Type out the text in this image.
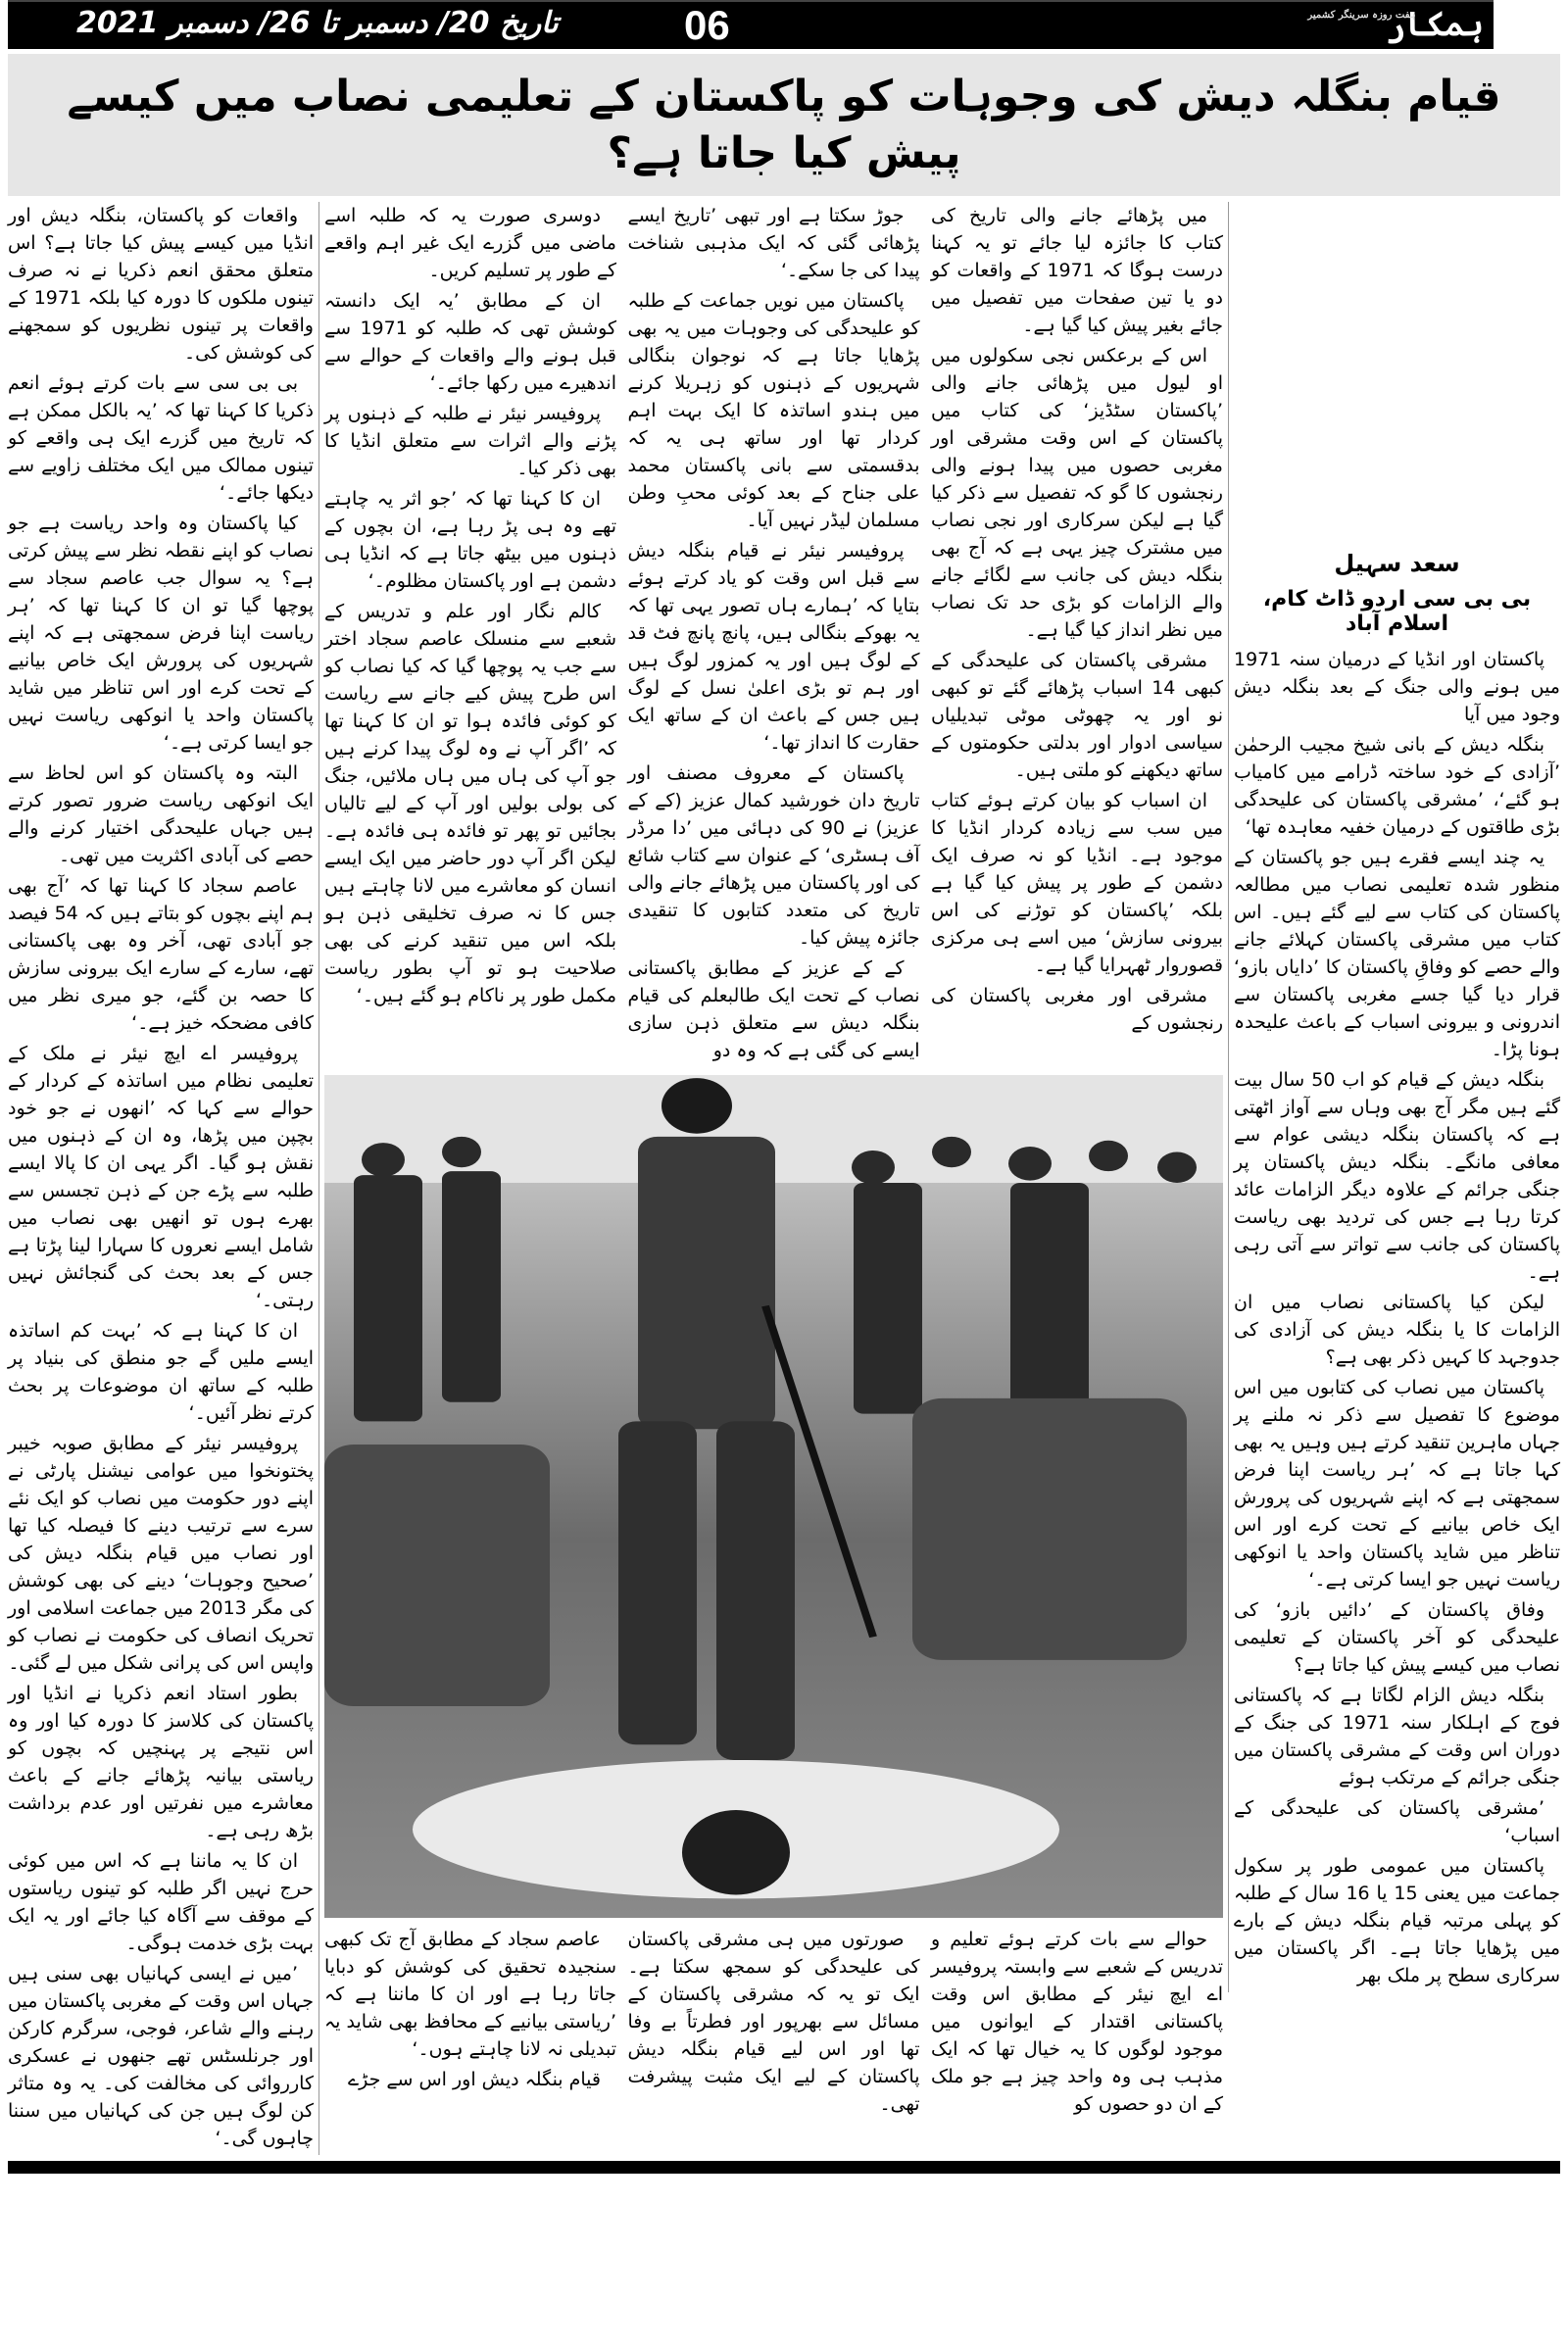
تاریخ 20/ دسمبر تا 26/ دسمبر 2021	06	ہفت روزہ سرینگر کشمیر
ہمکار
قیام بنگلہ دیش کی وجوہات کو پاکستان کے تعلیمی نصاب میں کیسے پیش کیا جاتا ہے؟
سعد سہیل
بی بی سی اردو ڈاٹ کام، اسلام آباد

پاکستان اور انڈیا کے درمیان سنہ 1971 میں ہونے والی جنگ کے بعد بنگلہ دیش وجود میں آیا

بنگلہ دیش کے بانی شیخ مجیب الرحمٰن ’آزادی کے خود ساختہ ڈرامے میں کامیاب ہو گئے‘، ’مشرقی پاکستان کی علیحدگی بڑی طاقتوں کے درمیان خفیہ معاہدہ تھا‘

یہ چند ایسے فقرے ہیں جو پاکستان کے منظور شدہ تعلیمی نصاب میں مطالعہ پاکستان کی کتاب سے لیے گئے ہیں۔ اس کتاب میں مشرقی پاکستان کہلائے جانے والے حصے کو وفاقِ پاکستان کا ’دایاں بازو‘ قرار دیا گیا جسے مغربی پاکستان سے اندرونی و بیرونی اسباب کے باعث علیحدہ ہونا پڑا۔

بنگلہ دیش کے قیام کو اب 50 سال بیت گئے ہیں مگر آج بھی وہاں سے آواز اٹھتی ہے کہ پاکستان بنگلہ دیشی عوام سے معافی مانگے۔ بنگلہ دیش پاکستان پر جنگی جرائم کے علاوہ دیگر الزامات عائد کرتا رہا ہے جس کی تردید بھی ریاست پاکستان کی جانب سے تواتر سے آتی رہی ہے۔

لیکن کیا پاکستانی نصاب میں ان الزامات کا یا بنگلہ دیش کی آزادی کی جدوجہد کا کہیں ذکر بھی ہے؟

پاکستان میں نصاب کی کتابوں میں اس موضوع کا تفصیل سے ذکر نہ ملنے پر جہاں ماہرین تنقید کرتے ہیں وہیں یہ بھی کہا جاتا ہے کہ ’ہر ریاست اپنا فرض سمجھتی ہے کہ اپنے شہریوں کی پرورش ایک خاص بیانیے کے تحت کرے اور اس تناظر میں شاید پاکستان واحد یا انوکھی ریاست نہیں جو ایسا کرتی ہے۔‘

وفاق پاکستان کے ’دائیں بازو‘ کی علیحدگی کو آخر پاکستان کے تعلیمی نصاب میں کیسے پیش کیا جاتا ہے؟

بنگلہ دیش الزام لگاتا ہے کہ پاکستانی فوج کے اہلکار سنہ 1971 کی جنگ کے دوران اس وقت کے مشرقی پاکستان میں جنگی جرائم کے مرتکب ہوئے

’مشرقی پاکستان کی علیحدگی کے اسباب‘

پاکستان میں عمومی طور پر سکول جماعت میں یعنی 15 یا 16 سال کے طلبہ کو پہلی مرتبہ قیام بنگلہ دیش کے بارے میں پڑھایا جاتا ہے۔ اگر پاکستان میں سرکاری سطح پر ملک بھر

میں پڑھائے جانے والی تاریخ کی کتاب کا جائزہ لیا جائے تو یہ کہنا درست ہوگا کہ 1971 کے واقعات کو دو یا تین صفحات میں تفصیل میں جائے بغیر پیش کیا گیا ہے۔

اس کے برعکس نجی سکولوں میں او لیول میں پڑھائی جانے والی ’پاکستان سٹڈیز‘ کی کتاب میں پاکستان کے اس وقت مشرقی اور مغربی حصوں میں پیدا ہونے والی رنجشوں کا گو کہ تفصیل سے ذکر کیا گیا ہے لیکن سرکاری اور نجی نصاب میں مشترک چیز یہی ہے کہ آج بھی بنگلہ دیش کی جانب سے لگائے جانے والے الزامات کو بڑی حد تک نصاب میں نظر انداز کیا گیا ہے۔

مشرقی پاکستان کی علیحدگی کے کبھی 14 اسباب پڑھائے گئے تو کبھی نو اور یہ چھوٹی موٹی تبدیلیاں سیاسی ادوار اور بدلتی حکومتوں کے ساتھ دیکھنے کو ملتی ہیں۔

ان اسباب کو بیان کرتے ہوئے کتاب میں سب سے زیادہ کردار انڈیا کا موجود ہے۔ انڈیا کو نہ صرف ایک دشمن کے طور پر پیش کیا گیا ہے بلکہ ’پاکستان کو توڑنے کی اس بیرونی سازش‘ میں اسے ہی مرکزی قصوروار ٹھہرایا گیا ہے۔

مشرقی اور مغربی پاکستان کی رنجشوں کے

جوڑ سکتا ہے اور تبھی ’تاریخ ایسے پڑھائی گئی کہ ایک مذہبی شناخت پیدا کی جا سکے۔‘

پاکستان میں نویں جماعت کے طلبہ کو علیحدگی کی وجوہات میں یہ بھی پڑھایا جاتا ہے کہ نوجوان بنگالی شہریوں کے ذہنوں کو زہریلا کرنے میں ہندو اساتذہ کا ایک بہت اہم کردار تھا اور ساتھ ہی یہ کہ بدقسمتی سے بانی پاکستان محمد علی جناح کے بعد کوئی محبِ وطن مسلمان لیڈر نہیں آیا۔

پروفیسر نیئر نے قیام بنگلہ دیش سے قبل اس وقت کو یاد کرتے ہوئے بتایا کہ ’ہمارے ہاں تصور یہی تھا کہ یہ بھوکے بنگالی ہیں، پانچ پانچ فٹ قد کے لوگ ہیں اور یہ کمزور لوگ ہیں اور ہم تو بڑی اعلیٰ نسل کے لوگ ہیں جس کے باعث ان کے ساتھ ایک حقارت کا انداز تھا۔‘

پاکستان کے معروف مصنف اور تاریخ دان خورشید کمال عزیز (کے کے عزیز) نے 90 کی دہائی میں ’دا مرڈر آف ہسٹری‘ کے عنوان سے کتاب شائع کی اور پاکستان میں پڑھائے جانے والی تاریخ کی متعدد کتابوں کا تنقیدی جائزہ پیش کیا۔

کے کے عزیز کے مطابق پاکستانی نصاب کے تحت ایک طالبعلم کی قیام بنگلہ دیش سے متعلق ذہن سازی ایسے کی گئی ہے کہ وہ دو

دوسری صورت یہ کہ طلبہ اسے ماضی میں گزرے ایک غیر اہم واقعے کے طور پر تسلیم کریں۔

ان کے مطابق ’یہ ایک دانستہ کوشش تھی کہ طلبہ کو 1971 سے قبل ہونے والے واقعات کے حوالے سے اندھیرے میں رکھا جائے۔‘

پروفیسر نیئر نے طلبہ کے ذہنوں پر پڑنے والے اثرات سے متعلق انڈیا کا بھی ذکر کیا۔

ان کا کہنا تھا کہ ’جو اثر یہ چاہتے تھے وہ ہی پڑ رہا ہے، ان بچوں کے ذہنوں میں بیٹھ جاتا ہے کہ انڈیا ہی دشمن ہے اور پاکستان مظلوم۔‘

کالم نگار اور علم و تدریس کے شعبے سے منسلک عاصم سجاد اختر سے جب یہ پوچھا گیا کہ کیا نصاب کو اس طرح پیش کیے جانے سے ریاست کو کوئی فائدہ ہوا تو ان کا کہنا تھا کہ ’اگر آپ نے وہ لوگ پیدا کرنے ہیں جو آپ کی ہاں میں ہاں ملائیں، جنگ کی بولی بولیں اور آپ کے لیے تالیاں بجائیں تو پھر تو فائدہ ہی فائدہ ہے۔ لیکن اگر آپ دور حاضر میں ایک ایسے انسان کو معاشرے میں لانا چاہتے ہیں جس کا نہ صرف تخلیقی ذہن ہو بلکہ اس میں تنقید کرنے کی بھی صلاحیت ہو تو آپ بطور ریاست مکمل طور پر ناکام ہو گئے ہیں۔‘

حوالے سے بات کرتے ہوئے تعلیم و تدریس کے شعبے سے وابستہ پروفیسر اے ایچ نیئر کے مطابق اس وقت پاکستانی اقتدار کے ایوانوں میں موجود لوگوں کا یہ خیال تھا کہ ایک مذہب ہی وہ واحد چیز ہے جو ملک کے ان دو حصوں کو

صورتوں میں ہی مشرقی پاکستان کی علیحدگی کو سمجھ سکتا ہے۔ ایک تو یہ کہ مشرقی پاکستان کے مسائل سے بھرپور اور فطرتاً بے وفا تھا اور اس لیے قیام بنگلہ دیش پاکستان کے لیے ایک مثبت پیشرفت تھی۔

عاصم سجاد کے مطابق آج تک کبھی سنجیدہ تحقیق کی کوشش کو دبایا جاتا رہا ہے اور ان کا ماننا ہے کہ ’ریاستی بیانیے کے محافظ بھی شاید یہ تبدیلی نہ لانا چاہتے ہوں۔‘

قیام بنگلہ دیش اور اس سے جڑے

واقعات کو پاکستان، بنگلہ دیش اور انڈیا میں کیسے پیش کیا جاتا ہے؟ اس متعلق محقق انعم ذکریا نے نہ صرف تینوں ملکوں کا دورہ کیا بلکہ 1971 کے واقعات پر تینوں نظریوں کو سمجھنے کی کوشش کی۔

بی بی سی سے بات کرتے ہوئے انعم ذکریا کا کہنا تھا کہ ’یہ بالکل ممکن ہے کہ تاریخ میں گزرے ایک ہی واقعے کو تینوں ممالک میں ایک مختلف زاویے سے دیکھا جائے۔‘

کیا پاکستان وہ واحد ریاست ہے جو نصاب کو اپنے نقطہ نظر سے پیش کرتی ہے؟ یہ سوال جب عاصم سجاد سے پوچھا گیا تو ان کا کہنا تھا کہ ’ہر ریاست اپنا فرض سمجھتی ہے کہ اپنے شہریوں کی پرورش ایک خاص بیانیے کے تحت کرے اور اس تناظر میں شاید پاکستان واحد یا انوکھی ریاست نہیں جو ایسا کرتی ہے۔‘

البتہ وہ پاکستان کو اس لحاظ سے ایک انوکھی ریاست ضرور تصور کرتے ہیں جہاں علیحدگی اختیار کرنے والے حصے کی آبادی اکثریت میں تھی۔

عاصم سجاد کا کہنا تھا کہ ’آج بھی ہم اپنے بچوں کو بتاتے ہیں کہ 54 فیصد جو آبادی تھی، آخر وہ بھی پاکستانی تھے، سارے کے سارے ایک بیرونی سازش کا حصہ بن گئے، جو میری نظر میں کافی مضحکہ خیز ہے۔‘

پروفیسر اے ایچ نیئر نے ملک کے تعلیمی نظام میں اساتذہ کے کردار کے حوالے سے کہا کہ ’انھوں نے جو خود بچپن میں پڑھا، وہ ان کے ذہنوں میں نقش ہو گیا۔ اگر یہی ان کا پالا ایسے طلبہ سے پڑے جن کے ذہن تجسس سے بھرے ہوں تو انھیں بھی نصاب میں شامل ایسے نعروں کا سہارا لینا پڑتا ہے جس کے بعد بحث کی گنجائش نہیں رہتی۔‘

ان کا کہنا ہے کہ ’بہت کم اساتذہ ایسے ملیں گے جو منطق کی بنیاد پر طلبہ کے ساتھ ان موضوعات پر بحث کرتے نظر آئیں۔‘

پروفیسر نیئر کے مطابق صوبہ خیبر پختونخوا میں عوامی نیشنل پارٹی نے اپنے دور حکومت میں نصاب کو ایک نئے سرے سے ترتیب دینے کا فیصلہ کیا تھا اور نصاب میں قیام بنگلہ دیش کی ’صحیح وجوہات‘ دینے کی بھی کوشش کی مگر 2013 میں جماعت اسلامی اور تحریک انصاف کی حکومت نے نصاب کو واپس اس کی پرانی شکل میں لے گئی۔

بطور استاد انعم ذکریا نے انڈیا اور پاکستان کی کلاسز کا دورہ کیا اور وہ اس نتیجے پر پہنچیں کہ بچوں کو ریاستی بیانیہ پڑھائے جانے کے باعث معاشرے میں نفرتیں اور عدم برداشت بڑھ رہی ہے۔

ان کا یہ ماننا ہے کہ اس میں کوئی حرج نہیں اگر طلبہ کو تینوں ریاستوں کے موقف سے آگاہ کیا جائے اور یہ ایک بہت بڑی خدمت ہوگی۔

’میں نے ایسی کہانیاں بھی سنی ہیں جہاں اس وقت کے مغربی پاکستان میں رہنے والے شاعر، فوجی، سرگرم کارکن اور جرنلسٹس تھے جنھوں نے عسکری کارروائی کی مخالفت کی۔ یہ وہ متاثر کن لوگ ہیں جن کی کہانیاں میں سننا چاہوں گی۔‘
